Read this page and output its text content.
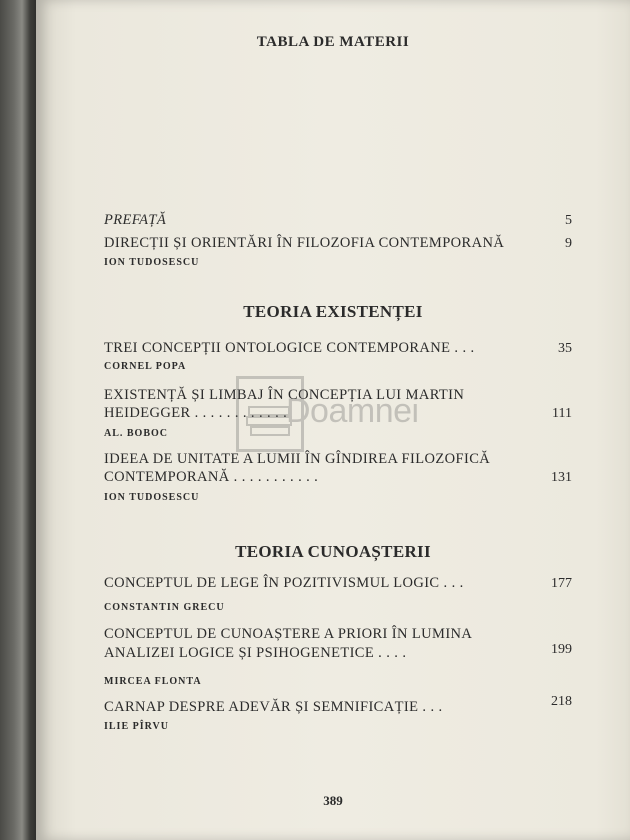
TABLA DE MATERII
PREFAȚĂ	5
DIRECȚII ȘI ORIENTĂRI ÎN FILOZOFIA CONTEMPORANĂ	9
ION TUDOSESCU
TEORIA EXISTENȚEI
TREI CONCEPȚII ONTOLOGICE CONTEMPORANE . . .	35
CORNEL POPA
EXISTENȚĂ ȘI LIMBAJ ÎN CONCEPȚIA LUI MARTIN
HEIDEGGER . . . . . . . . . . . .	111
AL. BOBOC
IDEEA DE UNITATE A LUMII ÎN GÎNDIREA FILOZOFICĂ
CONTEMPORANĂ . . . . . . . . . . .	131
ION TUDOSESCU
TEORIA CUNOAȘTERII
CONCEPTUL DE LEGE ÎN POZITIVISMUL LOGIC . . .	177
CONSTANTIN GRECU
CONCEPTUL DE CUNOAȘTERE A PRIORI ÎN LUMINA
ANALIZEI LOGICE ȘI PSIHOGENETICE . . . .	199
MIRCEA FLONTA
CARNAP DESPRE ADEVĂR ȘI SEMNIFICAȚIE . . .	218
ILIE PÎRVU
389
Doamnei
